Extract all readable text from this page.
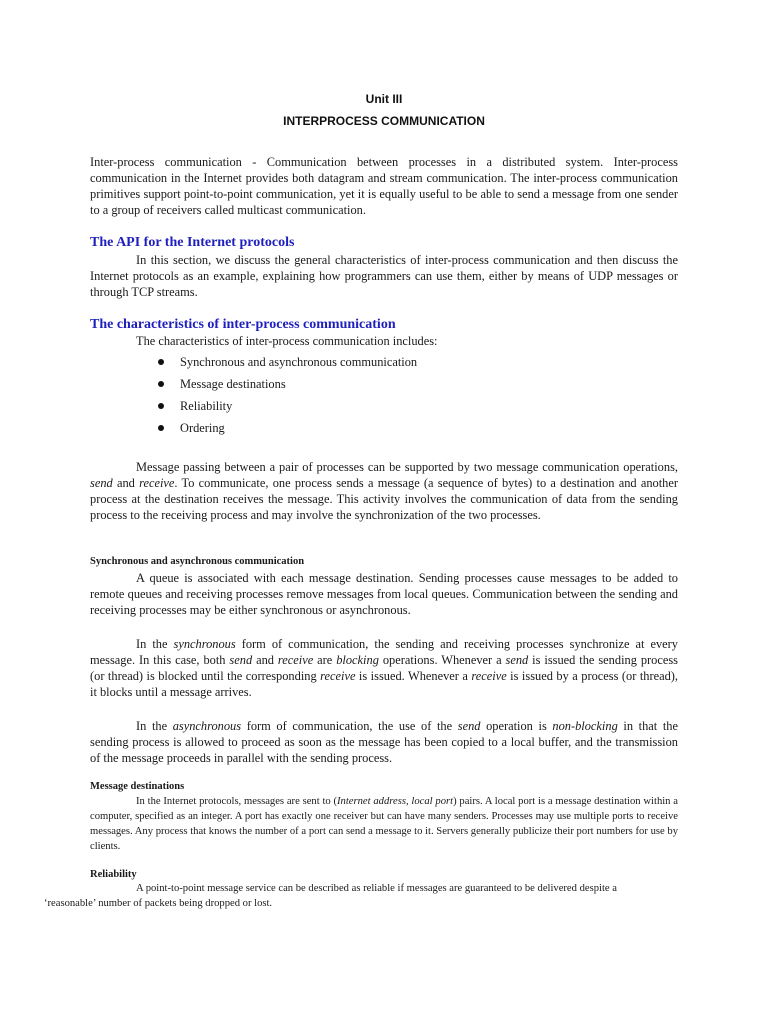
Unit III
INTERPROCESS COMMUNICATION

Inter-process communication - Communication between processes in a distributed system. Inter-process communication in the Internet provides both datagram and stream communication. The inter-process communication primitives support point-to-point communication, yet it is equally useful to be able to send a message from one sender to a group of receivers called multicast communication.

The API for the Internet protocols

In this section, we discuss the general characteristics of inter-process communication and then discuss the Internet protocols as an example, explaining how programmers can use them, either by means of UDP messages or through TCP streams.

The characteristics of inter-process communication

The characteristics of inter-process communication includes:

Synchronous and asynchronous communication
Message destinations
Reliability
Ordering

Message passing between a pair of processes can be supported by two message communication operations, send and receive. To communicate, one process sends a message (a sequence of bytes) to a destination and another process at the destination receives the message. This activity involves the communication of data from the sending process to the receiving process and may involve the synchronization of the two processes.

Synchronous and asynchronous communication

A queue is associated with each message destination. Sending processes cause messages to be added to remote queues and receiving processes remove messages from local queues. Communication between the sending and receiving processes may be either synchronous or asynchronous.

In the synchronous form of communication, the sending and receiving processes synchronize at every message. In this case, both send and receive are blocking operations. Whenever a send is issued the sending process (or thread) is blocked until the corresponding receive is issued. Whenever a receive is issued by a process (or thread), it blocks until a message arrives.

In the asynchronous form of communication, the use of the send operation is non-blocking in that the sending process is allowed to proceed as soon as the message has been copied to a local buffer, and the transmission of the message proceeds in parallel with the sending process.

Message destinations

In the Internet protocols, messages are sent to (Internet address, local port) pairs. A local port is a message destination within a computer, specified as an integer. A port has exactly one receiver but can have many senders. Processes may use multiple ports to receive messages. Any process that knows the number of a port can send a message to it. Servers generally publicize their port numbers for use by clients.

Reliability

A point-to-point message service can be described as reliable if messages are guaranteed to be delivered despite a
‘reasonable’ number of packets being dropped or lost.
